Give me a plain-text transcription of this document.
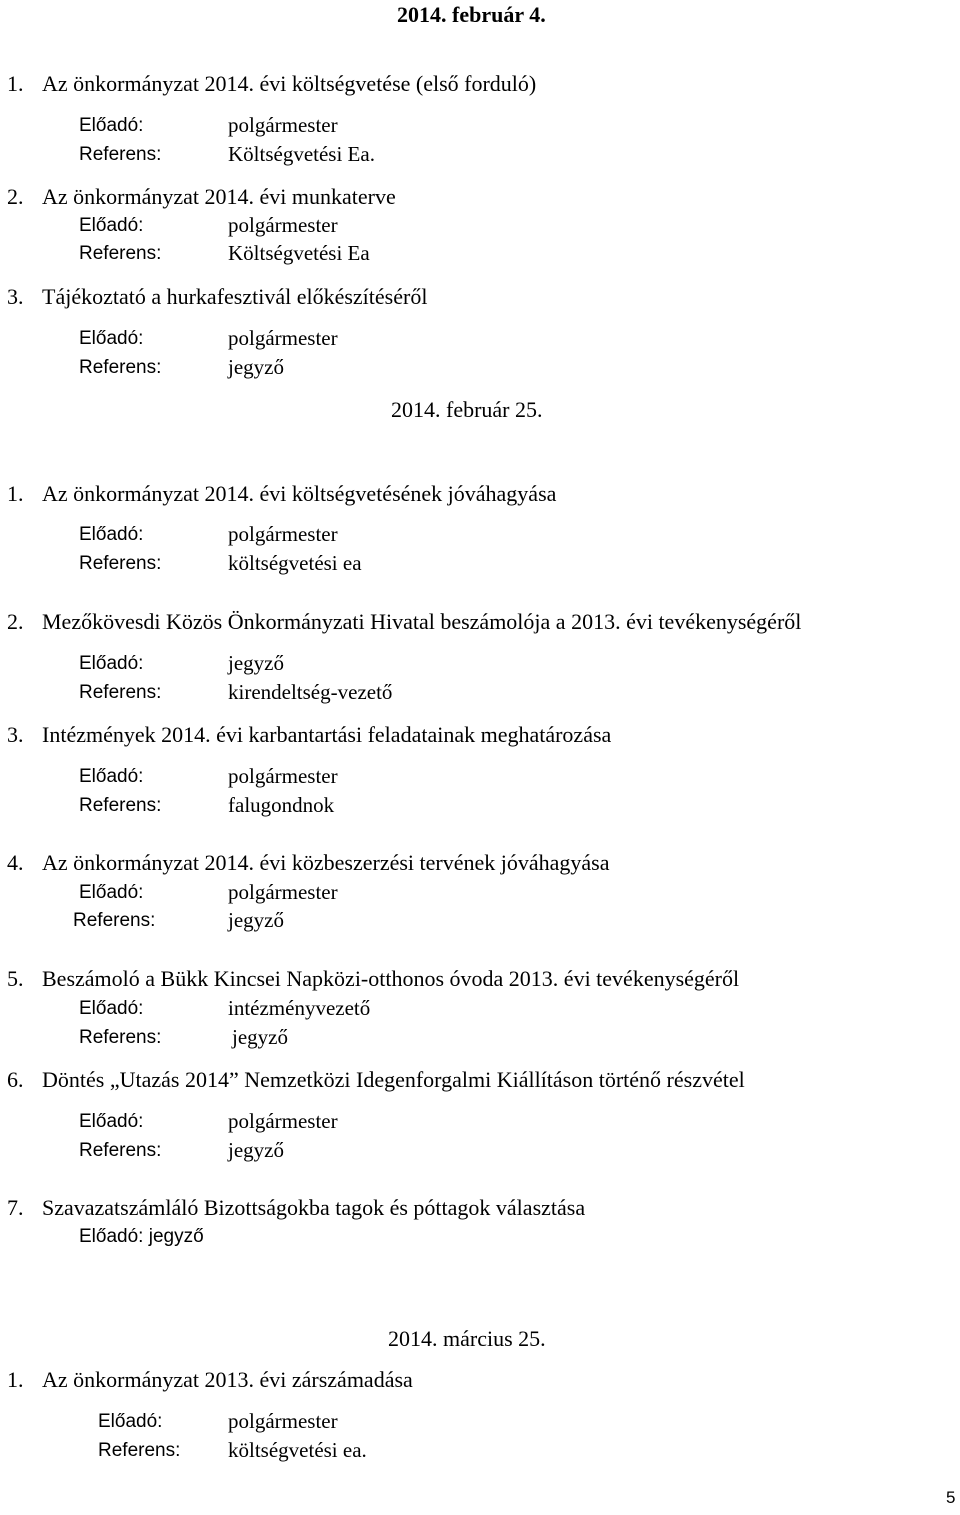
2014. február 4.
1. Az önkormányzat 2014. évi költségvetése (első forduló)
Előadó:	polgármester
Referens:	Költségvetési Ea.
2. Az önkormányzat 2014. évi munkaterve
Előadó:	polgármester
Referens:	Költségvetési Ea
3. Tájékoztató a hurkafesztivál előkészítéséről
Előadó:	polgármester
Referens:	jegyző
2014. február 25.
1. Az önkormányzat 2014. évi költségvetésének jóváhagyása
Előadó:	polgármester
Referens:	költségvetési ea
2. Mezőkövesdi Közös Önkormányzati Hivatal beszámolója a 2013. évi tevékenységéről
Előadó:	jegyző
Referens:	kirendeltség-vezető
3. Intézmények 2014. évi karbantartási feladatainak meghatározása
Előadó:	polgármester
Referens:	falugondnok
4. Az önkormányzat 2014. évi közbeszerzési tervének jóváhagyása
Előadó:	polgármester
Referens:	jegyző
5. Beszámoló a Bükk Kincsei Napközi-otthonos óvoda 2013. évi tevékenységéről
Előadó:	intézményvezető
Referens:	jegyző
6. Döntés „Utazás 2014” Nemzetközi Idegenforgalmi Kiállításon történő részvétel
Előadó:	polgármester
Referens:	jegyző
7. Szavazatszámláló Bizottságokba tagok és póttagok választása
Előadó: jegyző
2014. március 25.
1. Az önkormányzat 2013. évi zárszámadása
Előadó:	polgármester
Referens: költségvetési ea.
5
